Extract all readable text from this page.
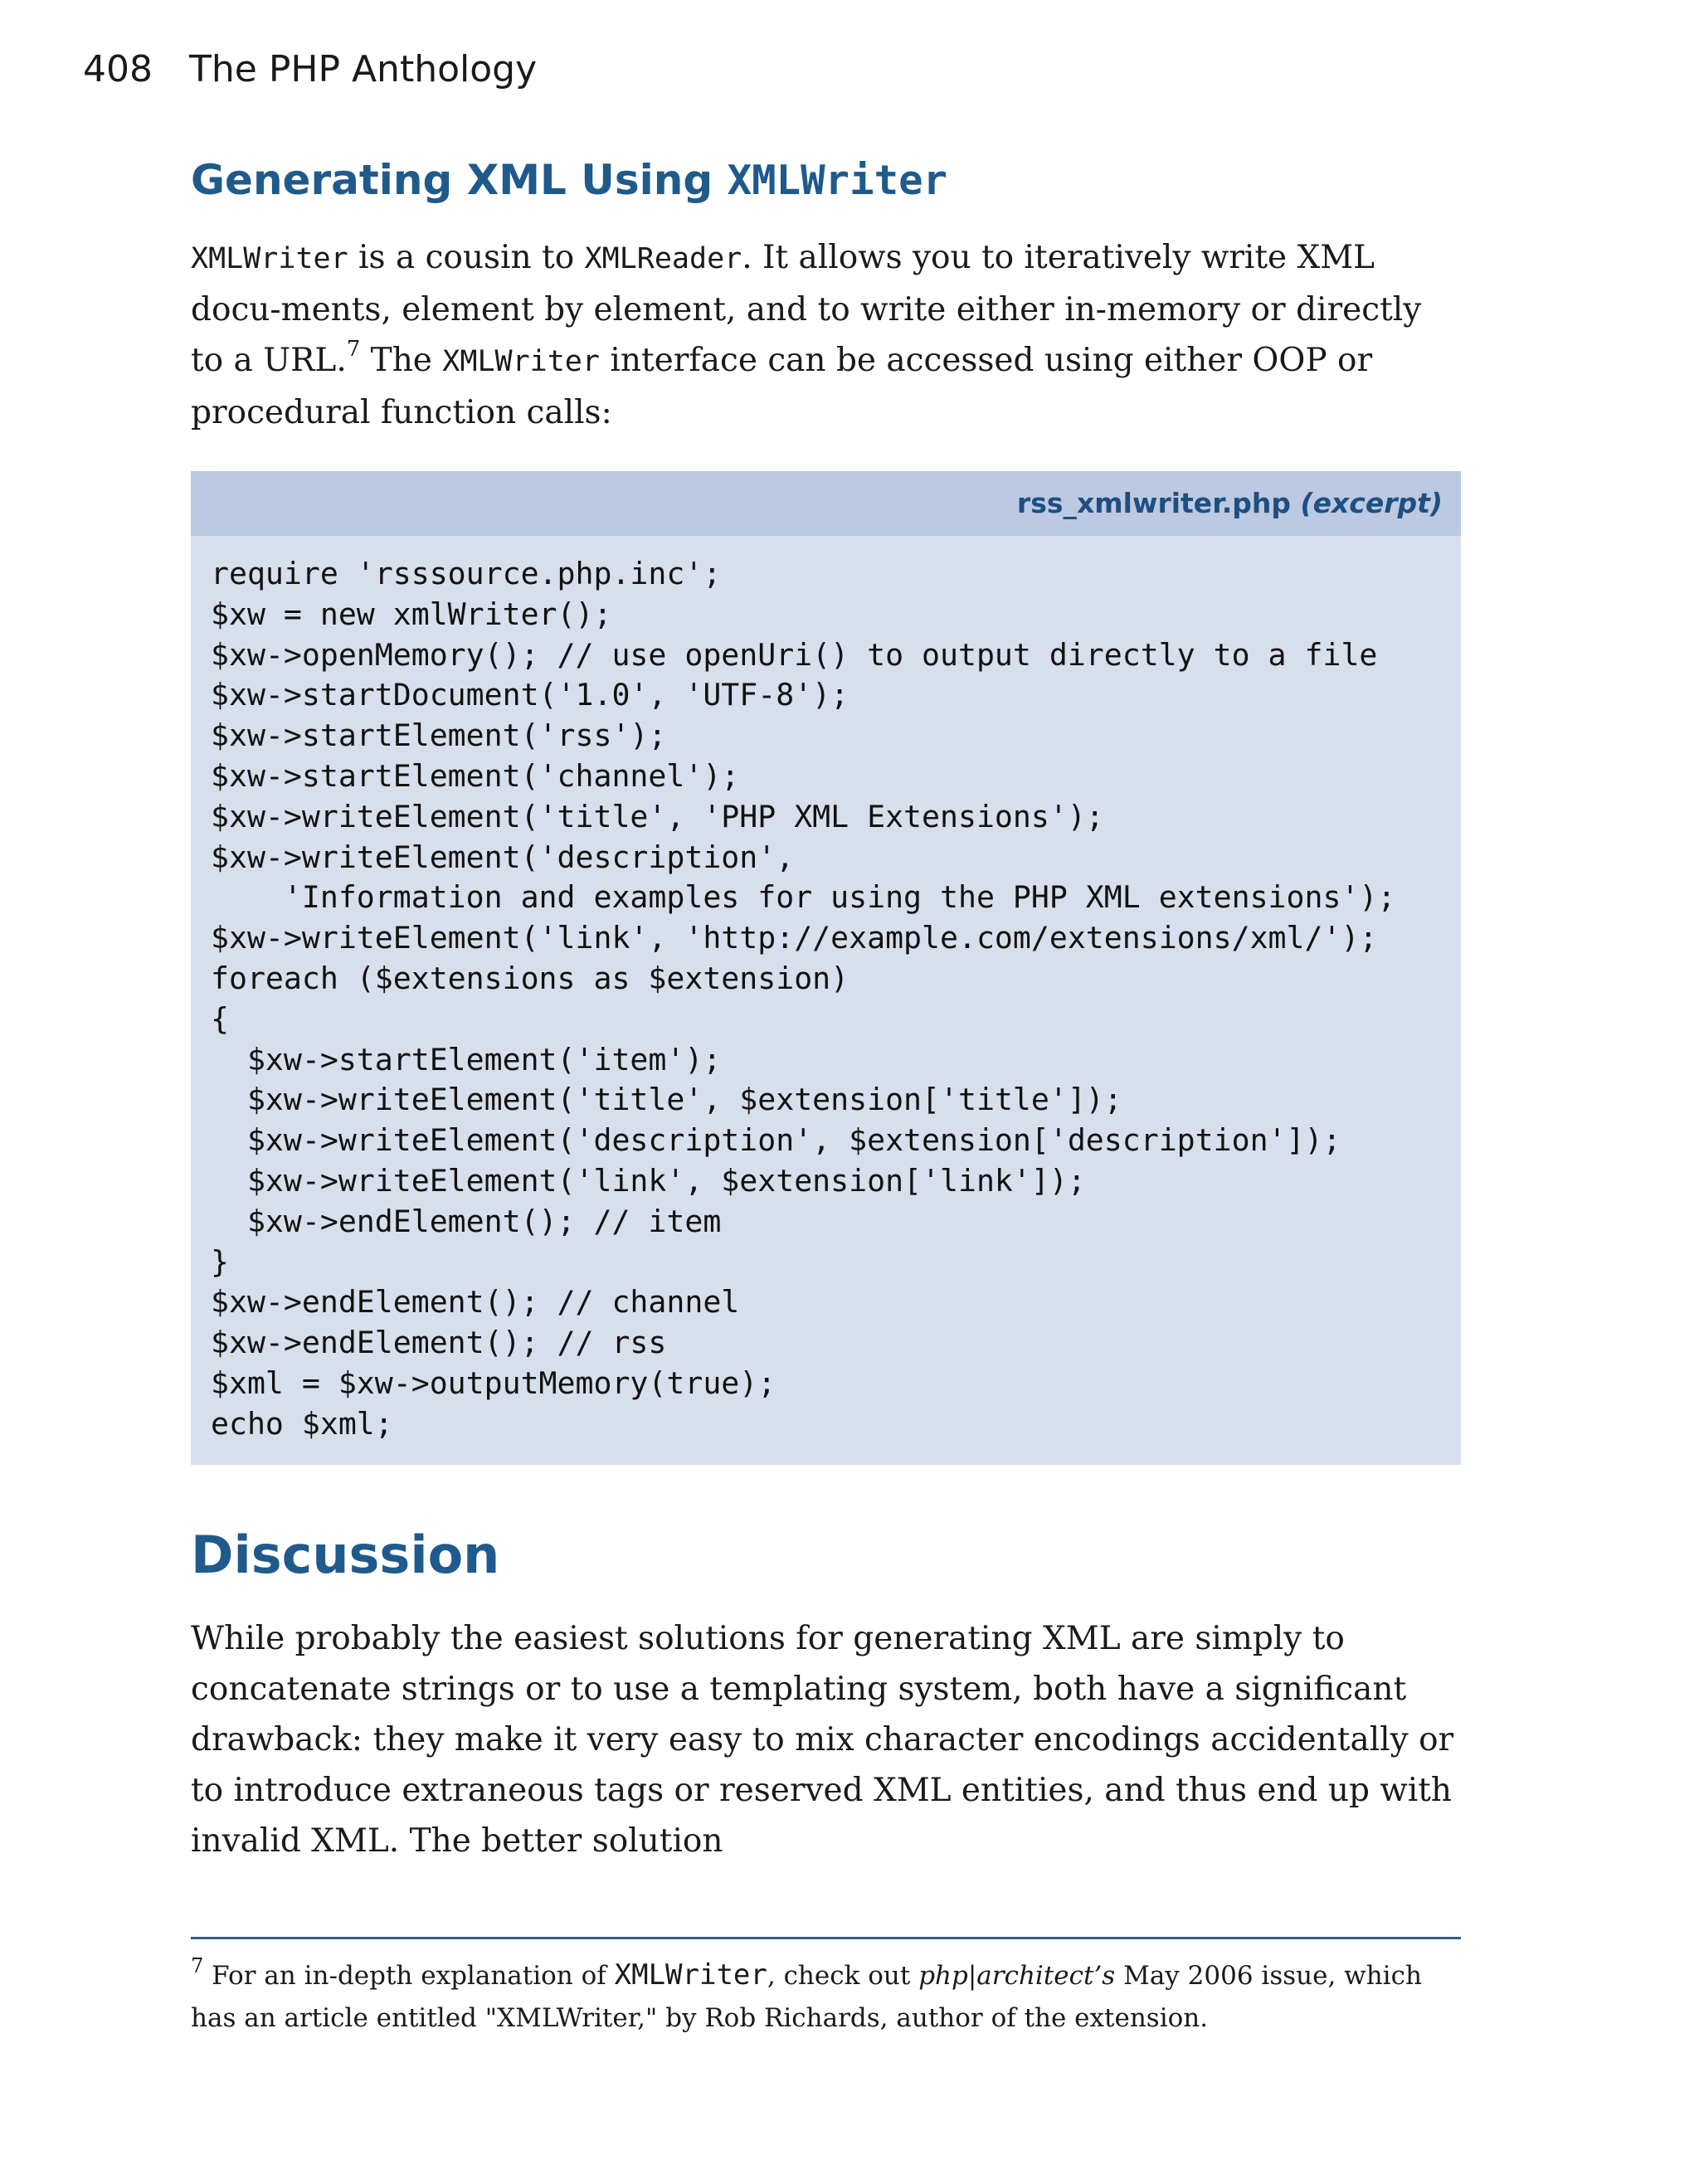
408 The PHP Anthology
Generating XML Using XMLWriter

XMLWriter is a cousin to XMLReader. It allows you to iteratively write XML docu-ments, element by element, and to write either in-memory or directly to a URL.$^7$ The XMLWriter interface can be accessed using either OOP or procedural function calls:

rss_xmlwriter.php (excerpt)
require 'rsssource.php.inc';
$xw = new xmlWriter();
$xw->openMemory(); // use openUri() to output directly to a file
$xw->startDocument('1.0', 'UTF-8');
$xw->startElement('rss');
$xw->startElement('channel');
$xw->writeElement('title', 'PHP XML Extensions');
$xw->writeElement('description',
'Information and examples for using the PHP XML extensions');
$xw->writeElement('link', 'http://example.com/extensions/xml/');
foreach ($extensions as $extension)
{
$xw->startElement('item');
$xw->writeElement('title', $extension['title']);
$xw->writeElement('description', $extension['description']);
$xw->writeElement('link', $extension['link']);
$xw->endElement(); // item
}
$xw->endElement(); // channel
$xw->endElement(); // rss
$xml = $xw->outputMemory(true);
echo $xml;
Discussion

While probably the easiest solutions for generating XML are simply to concatenate strings or to use a templating system, both have a significant drawback: they make it very easy to mix character encodings accidentally or to introduce extraneous tags or reserved XML entities, and thus end up with invalid XML. The better solution

$^7$ For an in-depth explanation of XMLWriter, check out php|architect’s May 2006 issue, which has an article entitled "XMLWriter," by Rob Richards, author of the extension.
